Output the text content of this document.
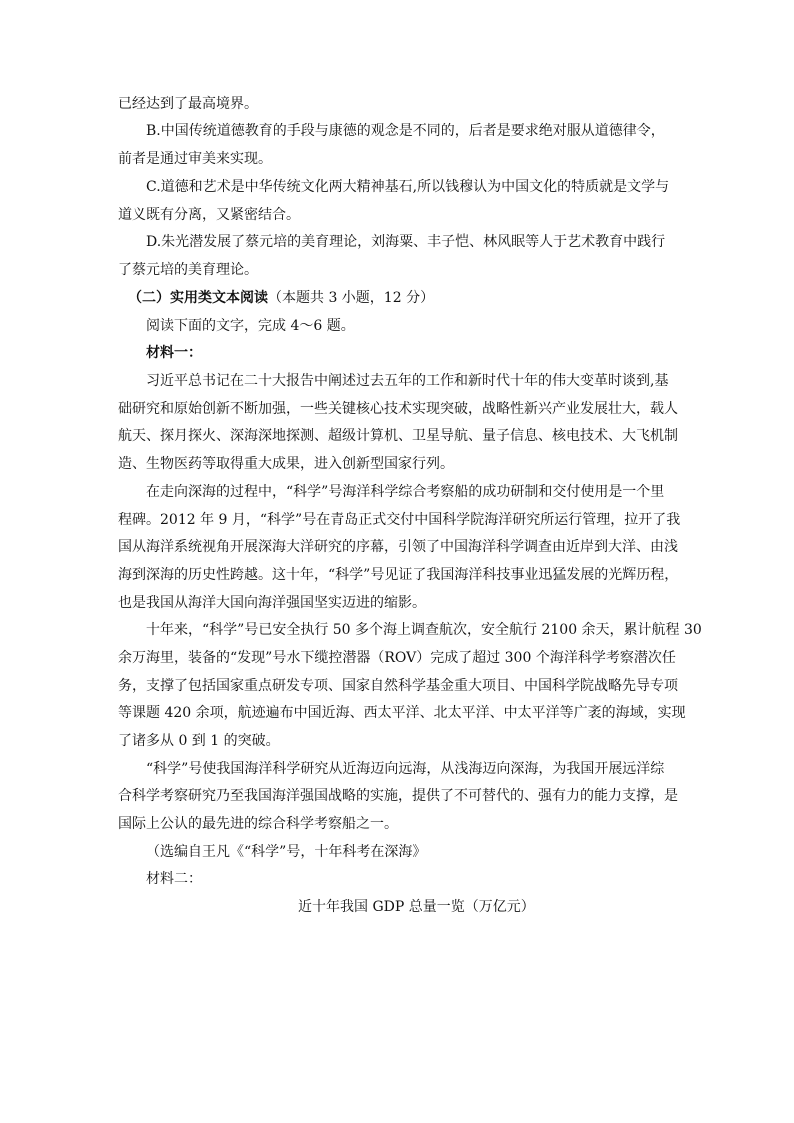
已经达到了最高境界。
B.中国传统道德教育的手段与康德的观念是不同的，后者是要求绝对服从道德律令，
前者是通过审美来实现。
C.道德和艺术是中华传统文化两大精神基石,所以钱穆认为中国文化的特质就是文学与
道义既有分离，又紧密结合。
D.朱光潜发展了蔡元培的美育理论，刘海粟、丰子恺、林风眠等人于艺术教育中践行
了蔡元培的美育理论。
（二）实用类文本阅读（本题共 3 小题，12 分）
阅读下面的文字，完成 4～6 题。
材料一：
习近平总书记在二十大报告中阐述过去五年的工作和新时代十年的伟大变革时谈到,基
础研究和原始创新不断加强，一些关键核心技术实现突破，战略性新兴产业发展壮大，载人
航天、探月探火、深海深地探测、超级计算机、卫星导航、量子信息、核电技术、大飞机制
造、生物医药等取得重大成果，进入创新型国家行列。
在走向深海的过程中，“科学”号海洋科学综合考察船的成功研制和交付使用是一个里
程碑。2012 年 9 月，“科学”号在青岛正式交付中国科学院海洋研究所运行管理，拉开了我
国从海洋系统视角开展深海大洋研究的序幕，引领了中国海洋科学调查由近岸到大洋、由浅
海到深海的历史性跨越。这十年，“科学”号见证了我国海洋科技事业迅猛发展的光辉历程，
也是我国从海洋大国向海洋强国坚实迈进的缩影。
十年来，“科学”号已安全执行 50 多个海上调查航次，安全航行 2100 余天，累计航程 30
余万海里，装备的“发现”号水下缆控潜器（ROV）完成了超过 300 个海洋科学考察潜次任
务，支撑了包括国家重点研发专项、国家自然科学基金重大项目、中国科学院战略先导专项
等课题 420 余项，航迹遍布中国近海、西太平洋、北太平洋、中太平洋等广袤的海域，实现
了诸多从 0 到 1 的突破。
“科学”号使我国海洋科学研究从近海迈向远海，从浅海迈向深海，为我国开展远洋综
合科学考察研究乃至我国海洋强国战略的实施，提供了不可替代的、强有力的能力支撑，是
国际上公认的最先进的综合科学考察船之一。
（选编自王凡《“科学”号，十年科考在深海》
材料二：
近十年我国 GDP 总量一览（万亿元）
